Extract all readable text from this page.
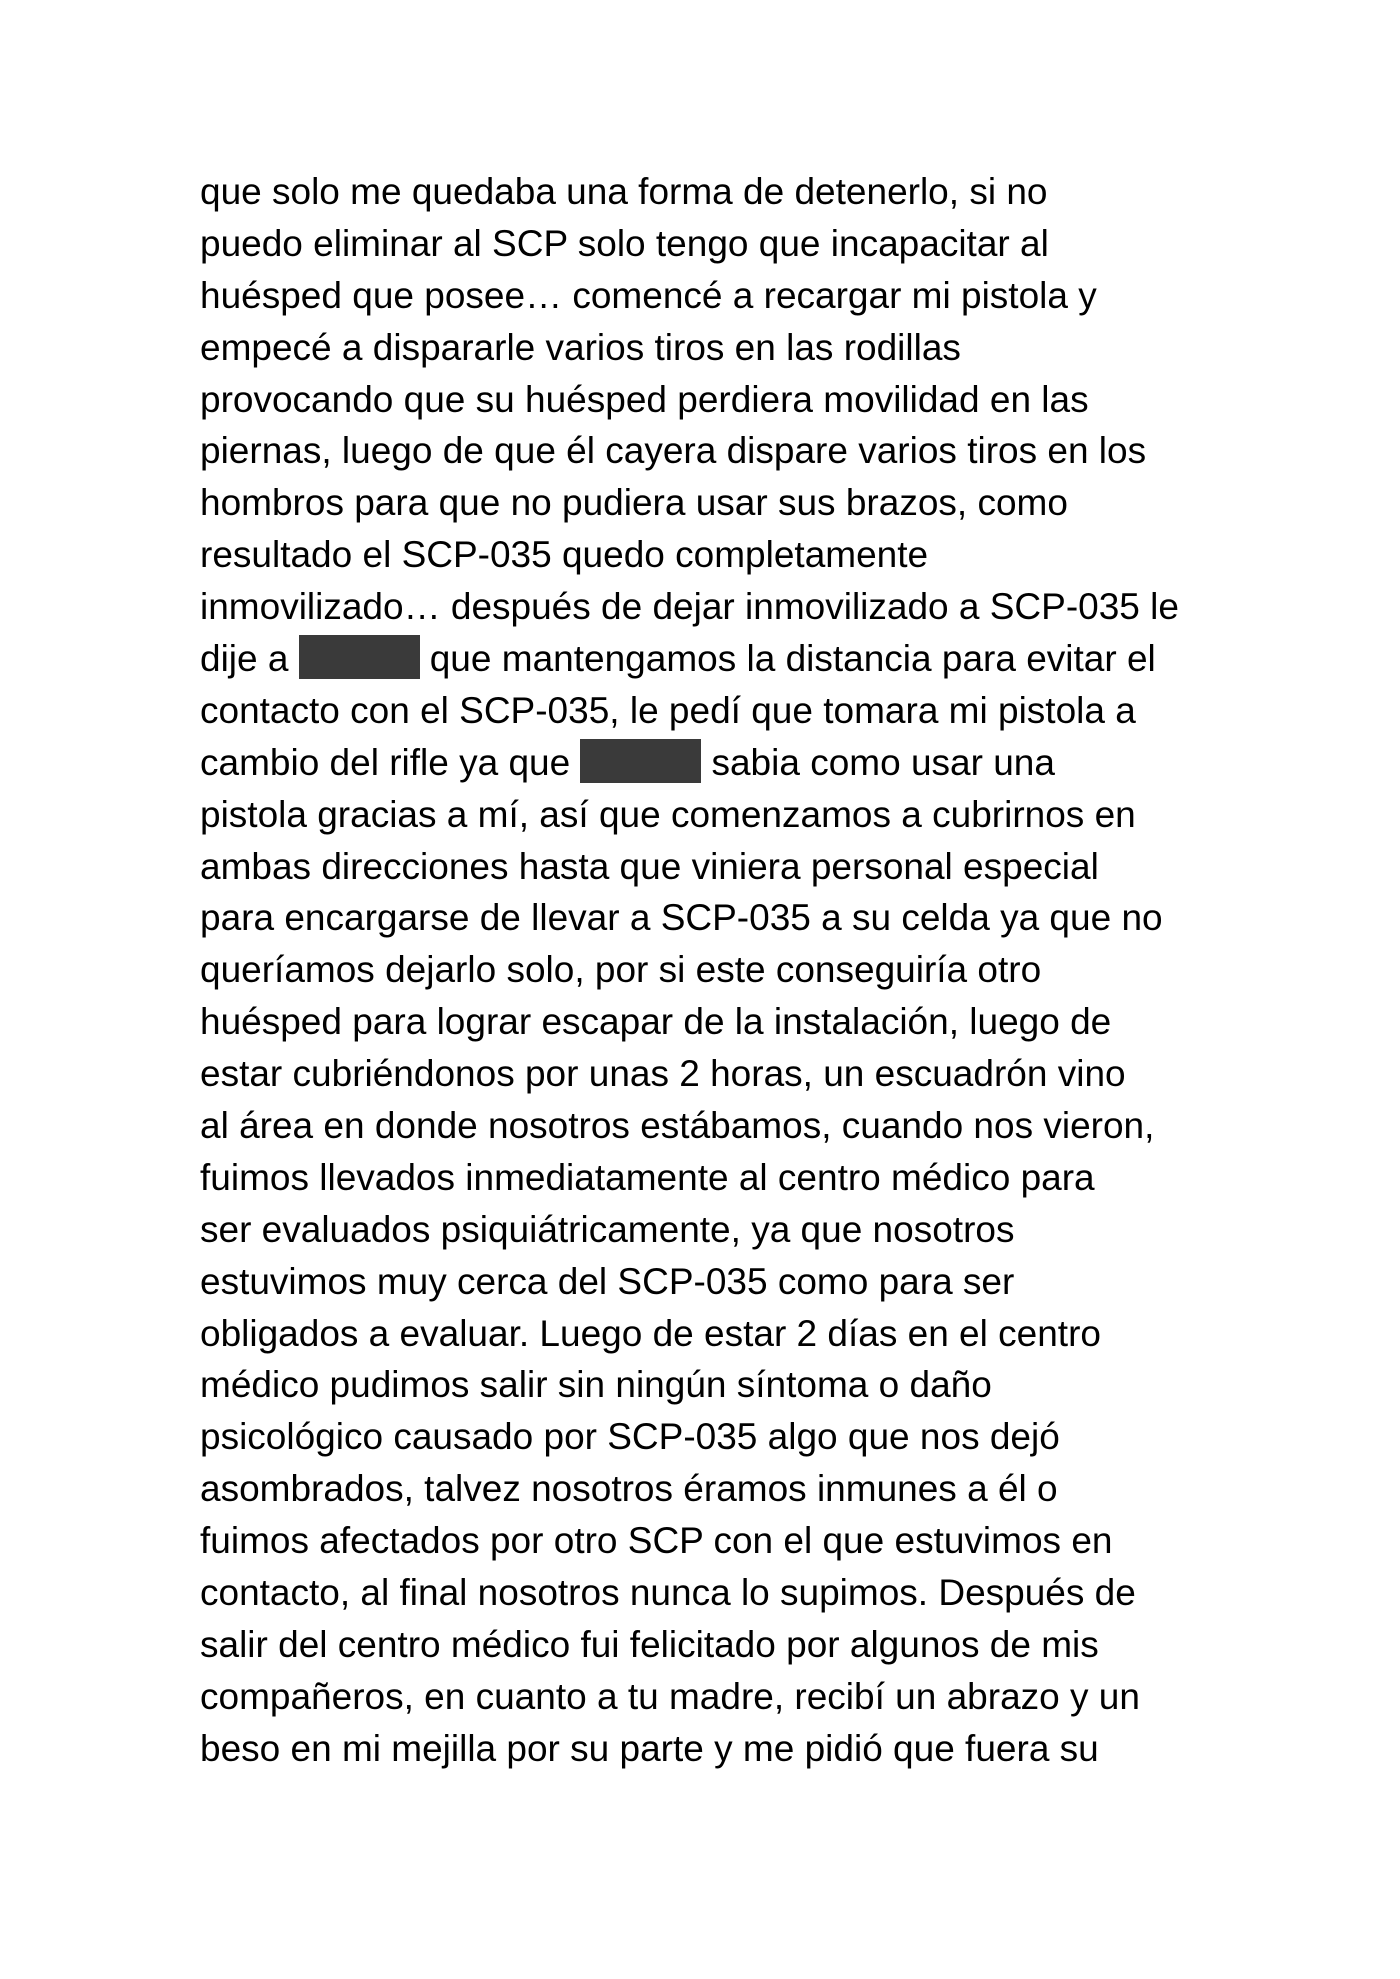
que solo me quedaba una forma de detenerlo, si no
puedo eliminar al SCP solo tengo que incapacitar al
huésped que posee… comencé a recargar mi pistola y
empecé a dispararle varios tiros en las rodillas
provocando que su huésped perdiera movilidad en las
piernas, luego de que él cayera dispare varios tiros en los
hombros para que no pudiera usar sus brazos, como
resultado el SCP-035 quedo completamente
inmovilizado… después de dejar inmovilizado a SCP-035 le
dije a	que mantengamos la distancia para evitar el
contacto con el SCP-035, le pedí que tomara mi pistola a
cambio del rifle ya que	sabia como usar una
pistola gracias a mí, así que comenzamos a cubrirnos en
ambas direcciones hasta que viniera personal especial
para encargarse de llevar a SCP-035 a su celda ya que no
queríamos dejarlo solo, por si este conseguiría otro
huésped para lograr escapar de la instalación, luego de
estar cubriéndonos por unas 2 horas, un escuadrón vino
al área en donde nosotros estábamos, cuando nos vieron,
fuimos llevados inmediatamente al centro médico para
ser evaluados psiquiátricamente, ya que nosotros
estuvimos muy cerca del SCP-035 como para ser
obligados a evaluar. Luego de estar 2 días en el centro
médico pudimos salir sin ningún síntoma o daño
psicológico causado por SCP-035 algo que nos dejó
asombrados, talvez nosotros éramos inmunes a él o
fuimos afectados por otro SCP con el que estuvimos en
contacto, al final nosotros nunca lo supimos. Después de
salir del centro médico fui felicitado por algunos de mis
compañeros, en cuanto a tu madre, recibí un abrazo y un
beso en mi mejilla por su parte y me pidió que fuera su
